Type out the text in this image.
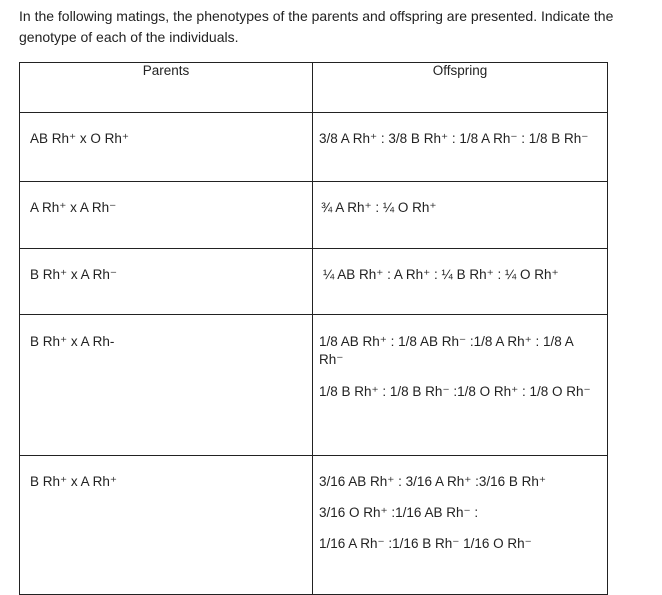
In the following matings, the phenotypes of the parents and offspring are presented. Indicate the genotype of each of the individuals.

Parents	Offspring

AB Rh⁺ x O Rh⁺	3/8 A Rh⁺ : 3/8 B Rh⁺ : 1/8 A Rh⁻ : 1/8 B Rh⁻

A Rh⁺ x A Rh⁻	¾ A Rh⁺ : ¼ O Rh⁺

B Rh⁺ x A Rh⁻	¼ AB Rh⁺ : A Rh⁺ : ¼ B Rh⁺ : ¼ O Rh⁺

B Rh⁺ x A Rh-	1/8 AB Rh⁺ : 1/8 AB Rh⁻ :1/8 A Rh⁺ : 1/8 A Rh⁻
1/8 B Rh⁺ : 1/8 B Rh⁻ :1/8 O Rh⁺ : 1/8 O Rh⁻

B Rh⁺ x A Rh⁺	3/16 AB Rh⁺ : 3/16 A Rh⁺ :3/16 B Rh⁺
3/16 O Rh⁺ :1/16 AB Rh⁻ :
1/16 A Rh⁻ :1/16 B Rh⁻ 1/16 O Rh⁻
